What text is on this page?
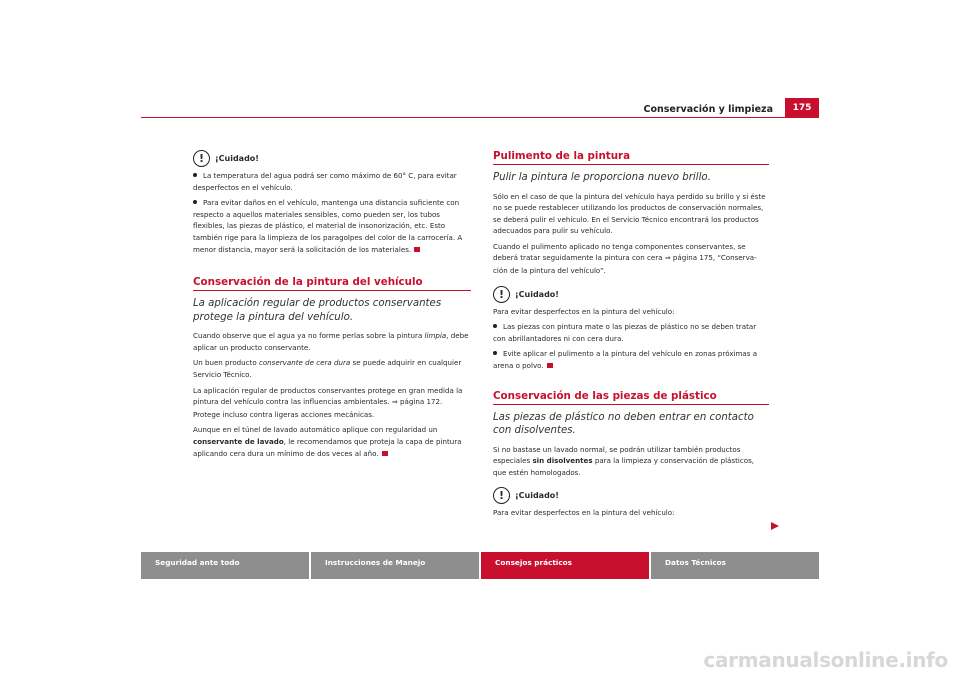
Conservación y limpieza	175
!	¡Cuidado!

La temperatura del agua podrá ser como máximo de 60° C, para evitar desperfectos en el vehículo.

Para evitar daños en el vehículo, mantenga una distancia suficiente con respecto a aquellos materiales sensibles, como pueden ser, los tubos flexibles, las piezas de plástico, el material de insonorización, etc. Esto también rige para la limpieza de los paragolpes del color de la carrocería. A menor distancia, mayor será la solicitación de los materiales.

Conservación de la pintura del vehículo
La aplicación regular de productos conservantes protege la pintura del vehículo.

Cuando observe que el agua ya no forme perlas sobre la pintura limpia, debe aplicar un producto conservante.

Un buen producto conservante de cera dura se puede adquirir en cualquier Servicio Técnico.

La aplicación regular de productos conservantes protege en gran medida la pintura del vehículo contra las influencias ambientales. ⇒ página 172. Protege incluso contra ligeras acciones mecánicas.

Aunque en el túnel de lavado automático aplique con regularidad un conservante de lavado, le recomendamos que proteja la capa de pintura aplicando cera dura un mínimo de dos veces al año.

Pulimento de la pintura
Pulir la pintura le proporciona nuevo brillo.

Sólo en el caso de que la pintura del vehículo haya perdido su brillo y si éste no se puede restablecer utilizando los productos de conservación normales, se deberá pulir el vehículo. En el Servicio Técnico encontrará los productos adecuados para pulir su vehículo.

Cuando el pulimento aplicado no tenga componentes conservantes, se deberá tratar seguidamente la pintura con cera ⇒ página 175, “Conserva-ción de la pintura del vehículo”.

!	¡Cuidado!

Para evitar desperfectos en la pintura del vehículo:

Las piezas con pintura mate o las piezas de plástico no se deben tratar con abrillantadores ni con cera dura.

Evite aplicar el pulimento a la pintura del vehículo en zonas próximas a arena o polvo.

Conservación de las piezas de plástico
Las piezas de plástico no deben entrar en contacto con disolventes.

Si no bastase un lavado normal, se podrán utilizar también productos especiales sin disolventes para la limpieza y conservación de plásticos, que estén homologados.

!	¡Cuidado!

Para evitar desperfectos en la pintura del vehículo:

Seguridad ante todo	Instrucciones de Manejo	Consejos prácticos	Datos Técnicos
carmanualsonline.info
